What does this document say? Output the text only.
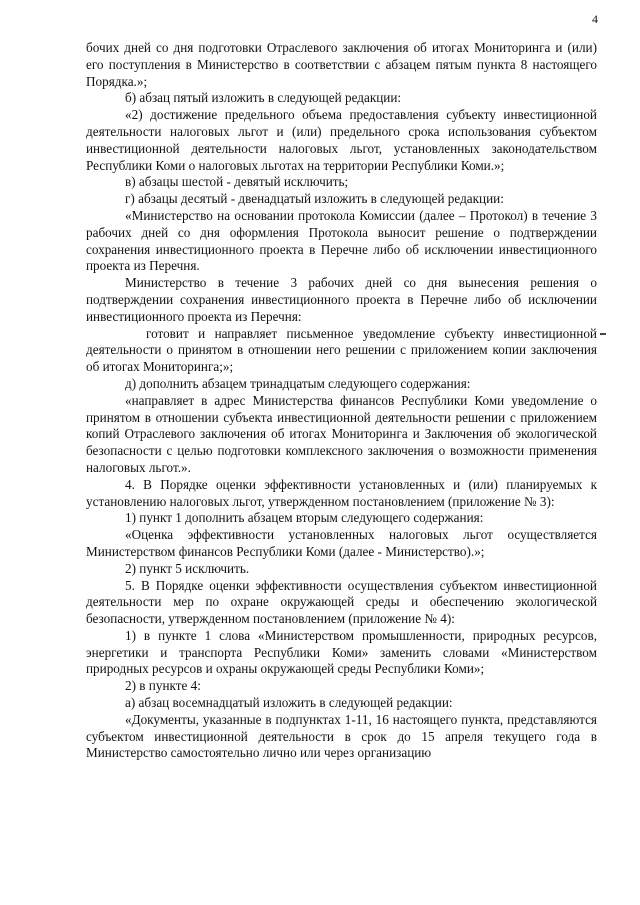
4

бочих дней со дня подготовки Отраслевого заключения об итогах Мониторинга и (или) его поступления в Министерство в соответствии с абзацем пятым пункта 8 настоящего Порядка.»;

б) абзац пятый изложить в следующей редакции:

«2) достижение предельного объема предоставления субъекту инвестиционной деятельности налоговых льгот и (или) предельного срока использования субъектом инвестиционной деятельности налоговых льгот, установленных законодательством Республики Коми о налоговых льготах на территории Республики Коми.»;

в) абзацы шестой - девятый исключить;

г) абзацы десятый - двенадцатый изложить в следующей редакции:

«Министерство на основании протокола Комиссии (далее – Протокол) в течение 3 рабочих дней со дня оформления Протокола выносит решение о подтверждении сохранения инвестиционного проекта в Перечне либо об исключении инвестиционного проекта из Перечня.

Министерство в течение 3 рабочих дней со дня вынесения решения о подтверждении сохранения инвестиционного проекта в Перечне либо об исключении инвестиционного проекта из Перечня:

готовит и направляет письменное уведомление субъекту инвестиционной деятельности о принятом в отношении него решении с приложением копии заключения об итогах Мониторинга;»;

д) дополнить абзацем тринадцатым следующего содержания:

«направляет в адрес Министерства финансов Республики Коми уведомление о принятом в отношении субъекта инвестиционной деятельности решении с приложением копий Отраслевого заключения об итогах Мониторинга и Заключения об экологической безопасности с целью подготовки комплексного заключения о возможности применения налоговых льгот.».

4. В Порядке оценки эффективности установленных и (или) планируемых к установлению налоговых льгот, утвержденном постановлением (приложение № 3):

1) пункт 1 дополнить абзацем вторым следующего содержания:

«Оценка эффективности установленных налоговых льгот осуществляется Министерством финансов Республики Коми (далее - Министерство).»;

2) пункт 5 исключить.

5. В Порядке оценки эффективности осуществления субъектом инвестиционной деятельности мер по охране окружающей среды и обеспечению экологической безопасности, утвержденном постановлением (приложение № 4):

1) в пункте 1 слова «Министерством промышленности, природных ресурсов, энергетики и транспорта Республики Коми» заменить словами «Министерством природных ресурсов и охраны окружающей среды Республики Коми»;

2) в пункте 4:

а) абзац восемнадцатый изложить в следующей редакции:

«Документы, указанные в подпунктах 1-11, 16 настоящего пункта, представляются субъектом инвестиционной деятельности в срок до 15 апреля текущего года в Министерство самостоятельно лично или через организацию
